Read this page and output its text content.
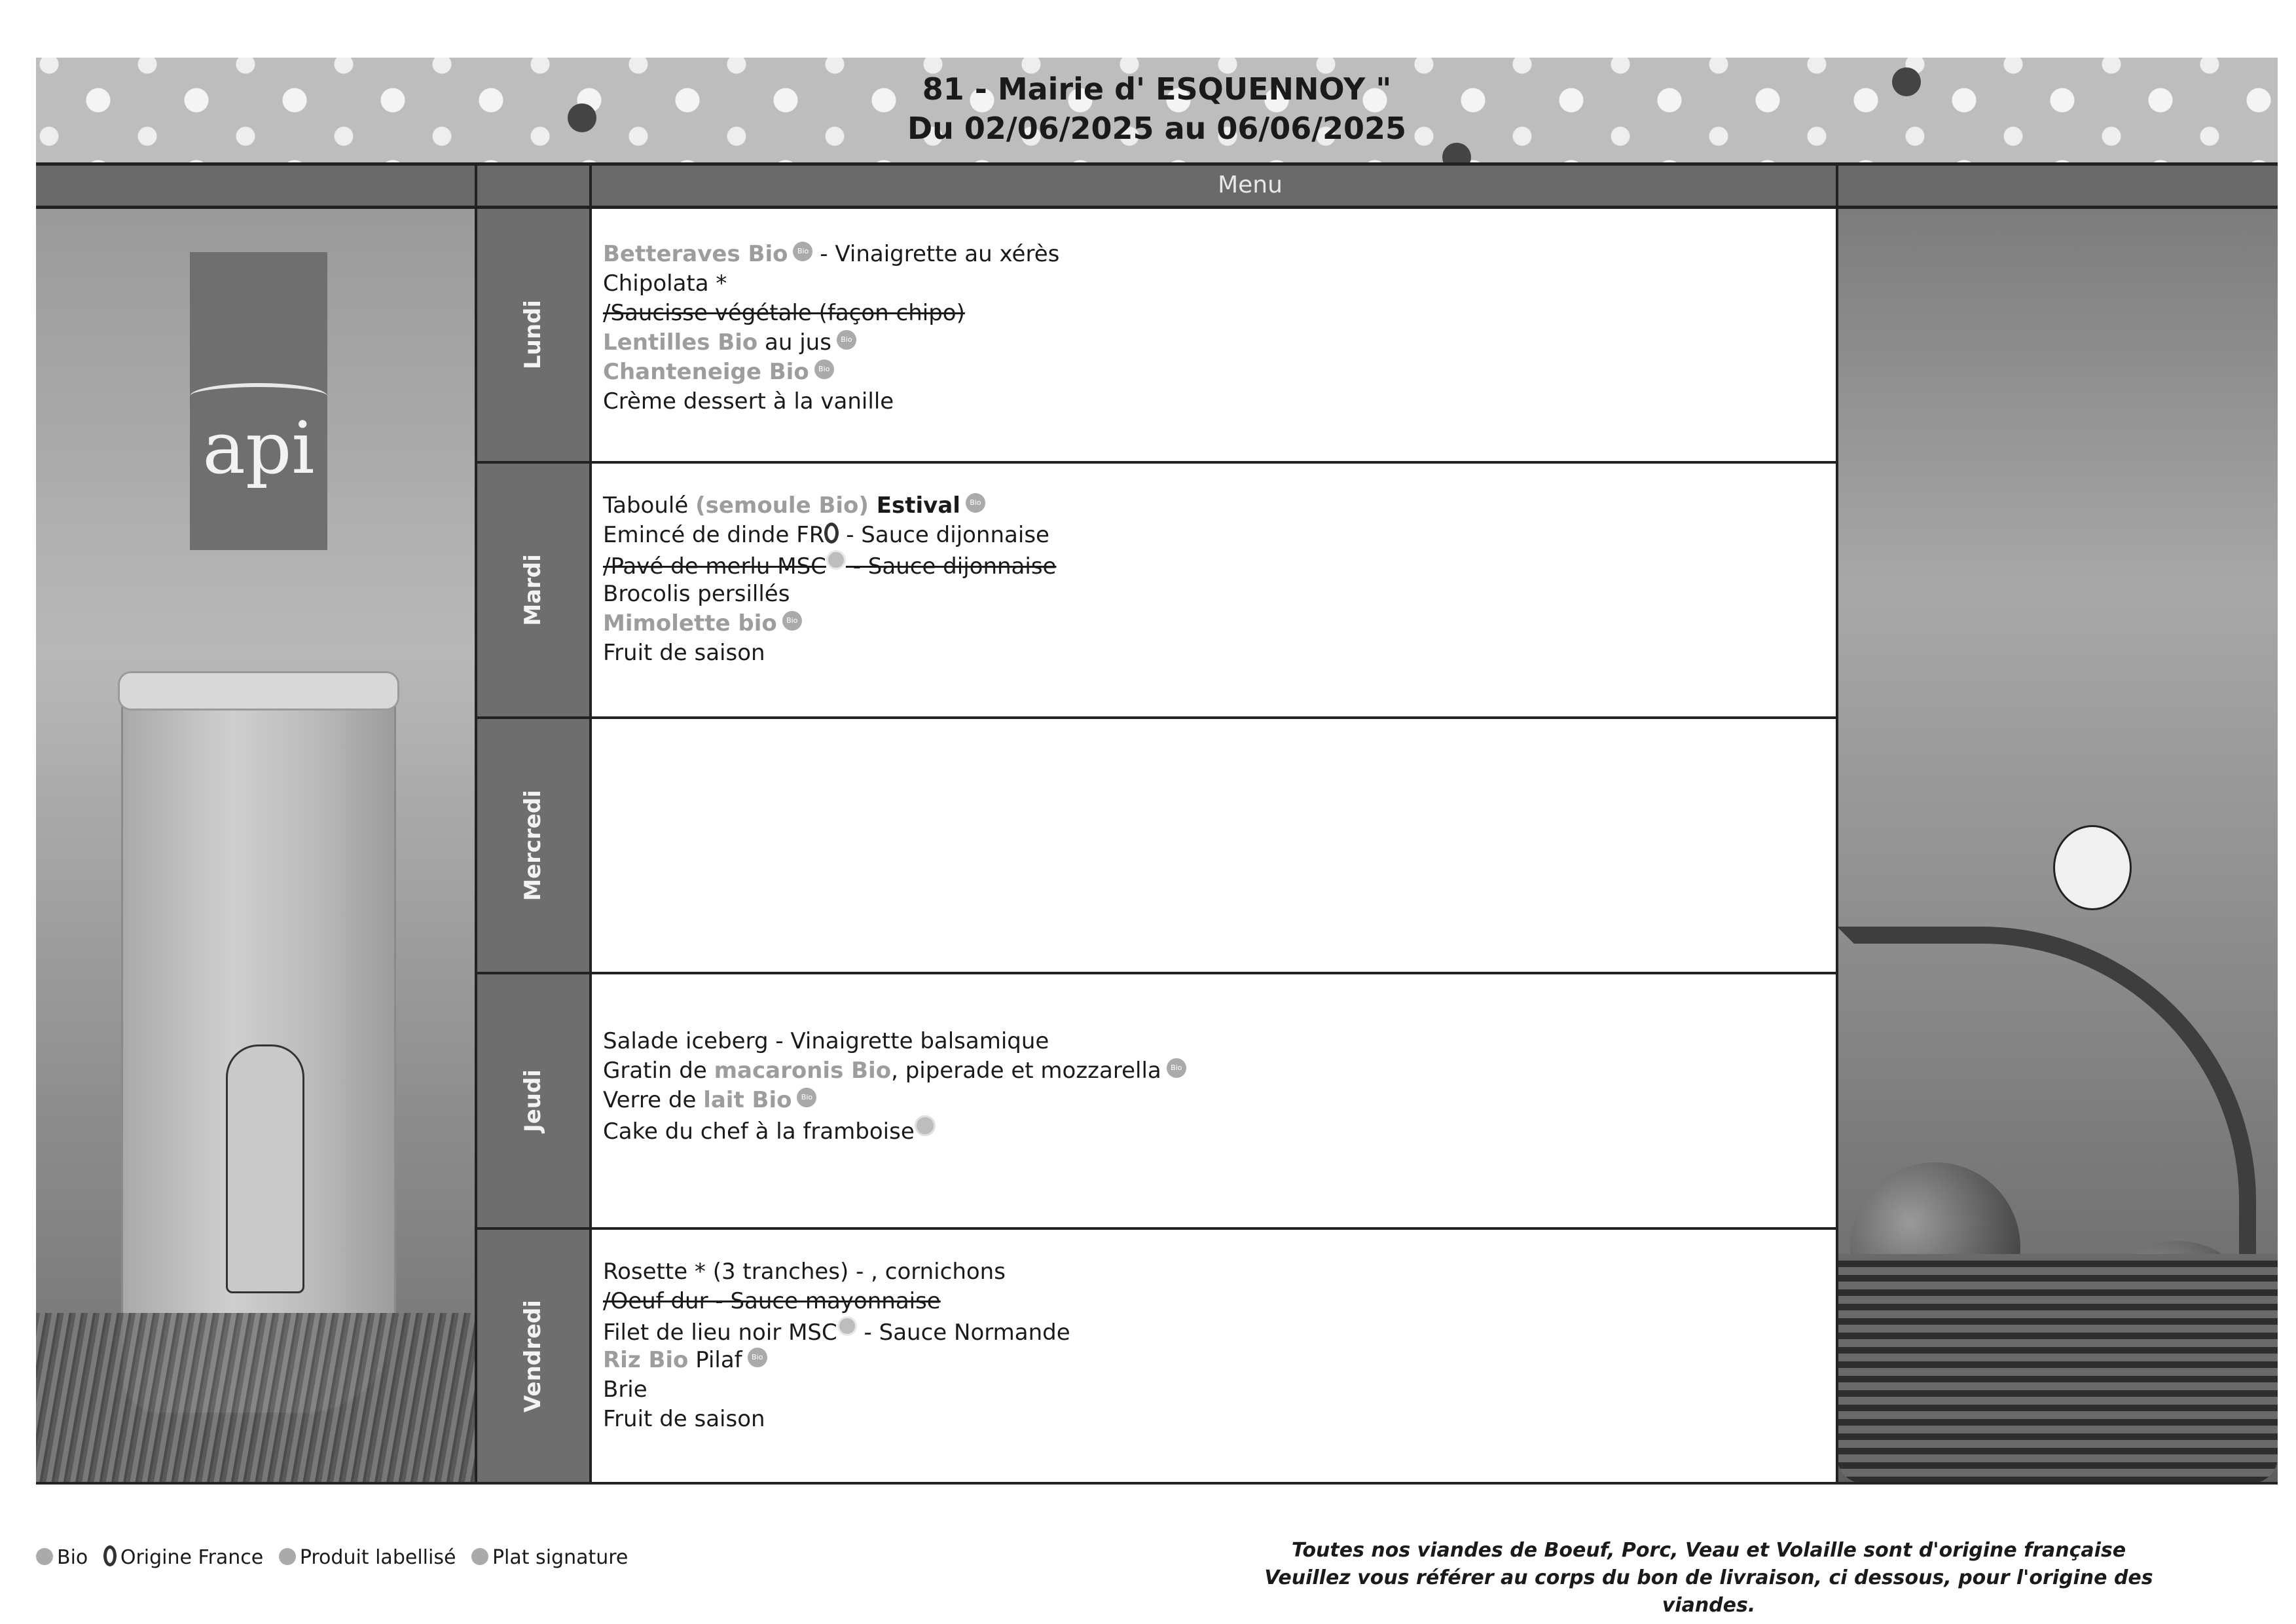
81 - Mairie d' ESQUENNOY "
Du 02/06/2025 au 06/06/2025
Menu
api
Lundi
Mardi
Mercredi
Jeudi
Vendredi
Betteraves Bio Bio - Vinaigrette au xérès
Chipolata *
/Saucisse végétale (façon chipo)
Lentilles Bio au jus Bio
Chanteneige Bio Bio
Crème dessert à la vanille
Taboulé (semoule Bio) Estival Bio
Emincé de dinde FR - Sauce dijonnaise
/Pavé de merlu MSC - Sauce dijonnaise
Brocolis persillés
Mimolette bio Bio
Fruit de saison
Salade iceberg - Vinaigrette balsamique
Gratin de macaronis Bio, piperade et mozzarella Bio
Verre de lait Bio Bio
Cake du chef à la framboise
Rosette * (3 tranches) - , cornichons
/Oeuf dur - Sauce mayonnaise
Filet de lieu noir MSC - Sauce Normande
Riz Bio Pilaf Bio
Brie
Fruit de saison
Bio Origine France Produit labellisé Plat signature	Toutes nos viandes de Boeuf, Porc, Veau et Volaille sont d'origine française
Veuillez vous référer au corps du bon de livraison, ci dessous, pour l'origine des viandes.
